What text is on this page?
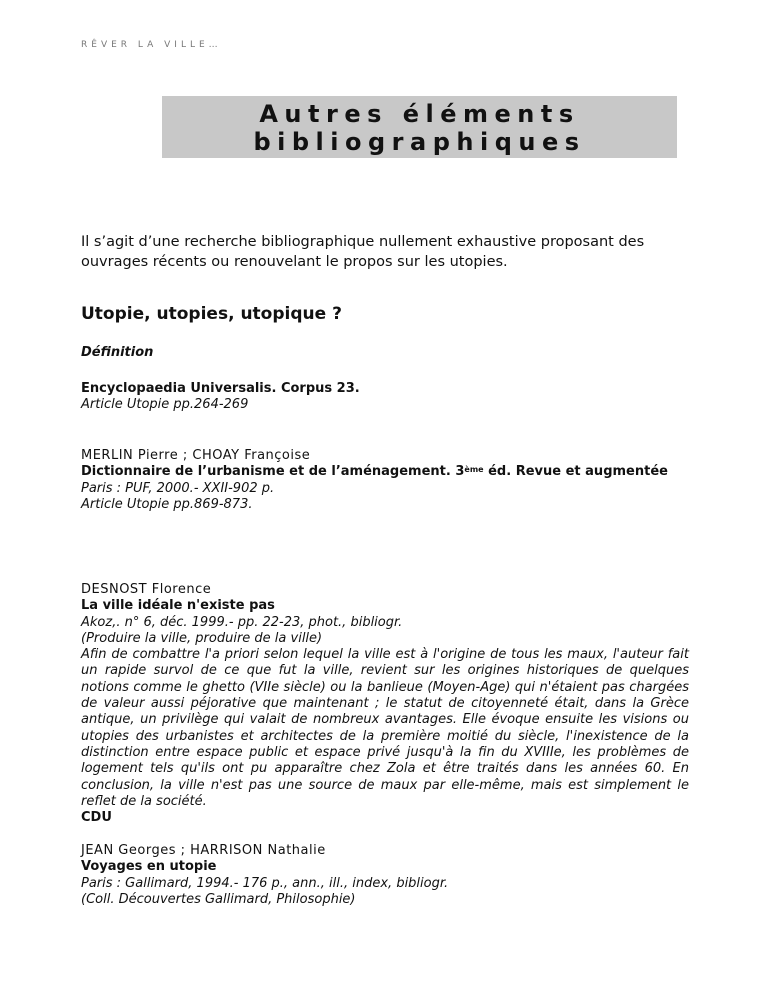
RÊVER LA VILLE…
Autres éléments
bibliographiques
Il s’agit d’une recherche bibliographique nullement exhaustive proposant des ouvrages récents ou renouvelant le propos sur les utopies.
Utopie, utopies, utopique ?
Définition
Encyclopaedia Universalis. Corpus 23.
Article Utopie pp.264-269
MERLIN Pierre ; CHOAY Françoise
Dictionnaire de l’urbanisme et de l’aménagement. 3ème éd. Revue et augmentée
Paris : PUF, 2000.- XXII-902 p.
Article Utopie pp.869-873.
DESNOST Florence
La ville idéale n'existe pas
Akoz,. n° 6, déc. 1999.- pp. 22-23, phot., bibliogr.
(Produire la ville, produire de la ville)
Afin de combattre l'a priori selon lequel la ville est à l'origine de tous les maux, l'auteur fait un rapide survol de ce que fut la ville, revient sur les origines historiques de quelques notions comme le ghetto (VIIe siècle) ou la banlieue (Moyen-Age) qui n'étaient pas chargées de valeur aussi péjorative que maintenant ; le statut de citoyenneté était, dans la Grèce antique, un privilège qui valait de nombreux avantages. Elle évoque ensuite les visions ou utopies des urbanistes et architectes de la première moitié du siècle, l'inexistence de la distinction entre espace public et espace privé jusqu'à la fin du XVIIIe, les problèmes de logement tels qu'ils ont pu apparaître chez Zola et être traités dans les années 60. En conclusion, la ville n'est pas une source de maux par elle-même, mais est simplement le reflet de la société.
CDU
JEAN Georges ; HARRISON Nathalie
Voyages en utopie
Paris : Gallimard, 1994.- 176 p., ann., ill., index, bibliogr.
(Coll. Découvertes Gallimard, Philosophie)
